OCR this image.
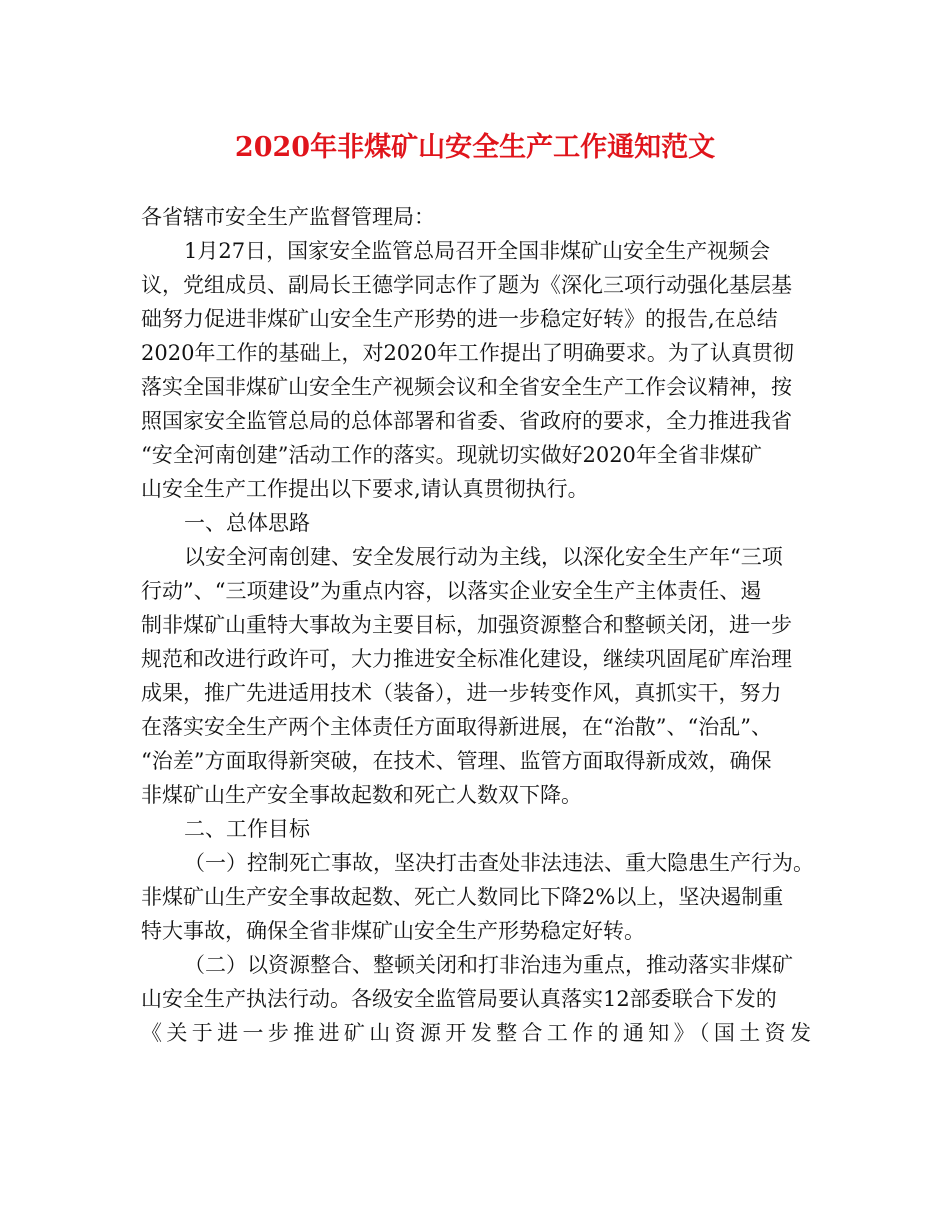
2020年非煤矿山安全生产工作通知范文
各省辖市安全生产监督管理局：
1月27日，国家安全监管总局召开全国非煤矿山安全生产视频会
议，党组成员、副局长王德学同志作了题为《深化三项行动强化基层基
础努力促进非煤矿山安全生产形势的进一步稳定好转》的报告,在总结
2020年工作的基础上，对2020年工作提出了明确要求。为了认真贯彻
落实全国非煤矿山安全生产视频会议和全省安全生产工作会议精神，按
照国家安全监管总局的总体部署和省委、省政府的要求，全力推进我省
“安全河南创建”活动工作的落实。现就切实做好2020年全省非煤矿
山安全生产工作提出以下要求,请认真贯彻执行。
一、总体思路
以安全河南创建、安全发展行动为主线，以深化安全生产年“三项
行动”、“三项建设”为重点内容，以落实企业安全生产主体责任、遏
制非煤矿山重特大事故为主要目标，加强资源整合和整顿关闭，进一步
规范和改进行政许可，大力推进安全标准化建设，继续巩固尾矿库治理
成果，推广先进适用技术（装备），进一步转变作风，真抓实干，努力
在落实安全生产两个主体责任方面取得新进展，在“治散”、“治乱”、
“治差”方面取得新突破，在技术、管理、监管方面取得新成效，确保
非煤矿山生产安全事故起数和死亡人数双下降。
二、工作目标
（一）控制死亡事故，坚决打击查处非法违法、重大隐患生产行为。
非煤矿山生产安全事故起数、死亡人数同比下降2%以上，坚决遏制重
特大事故，确保全省非煤矿山安全生产形势稳定好转。
（二）以资源整合、整顿关闭和打非治违为重点，推动落实非煤矿
山安全生产执法行动。各级安全监管局要认真落实12部委联合下发的
《关于进一步推进矿山资源开发整合工作的通知》（国土资发
